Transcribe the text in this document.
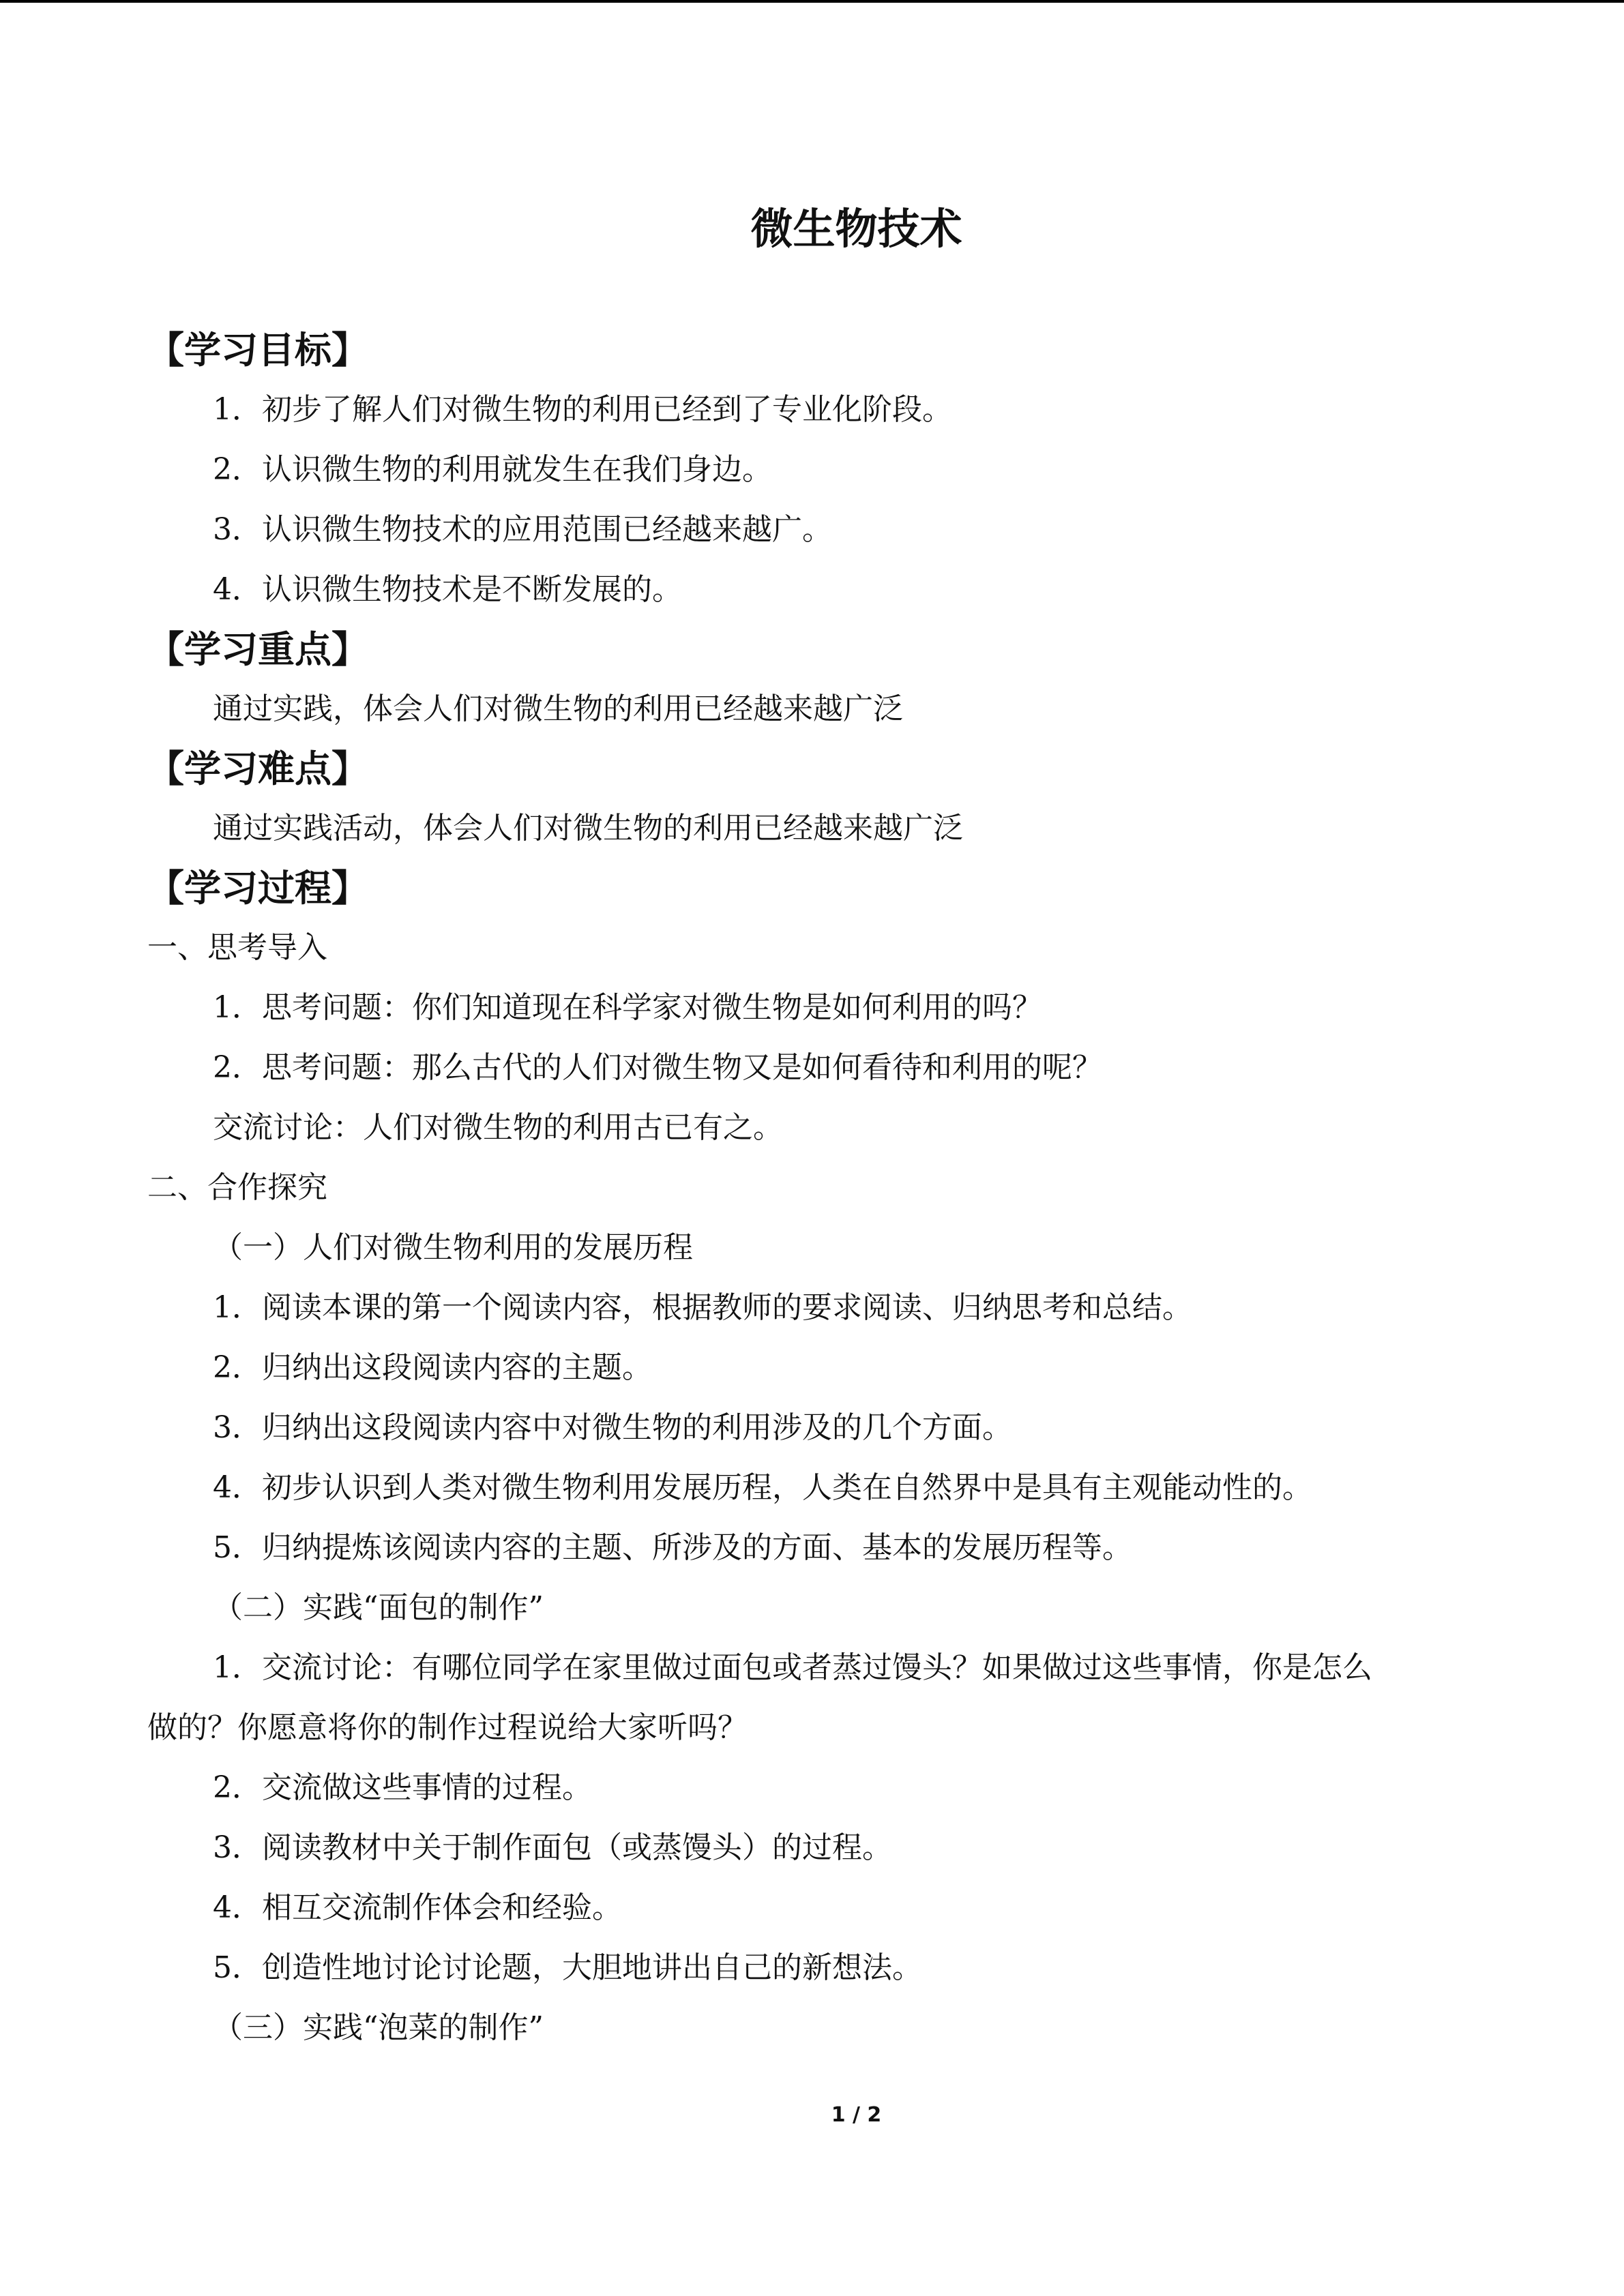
微生物技术
【学习目标】
1．初步了解人们对微生物的利用已经到了专业化阶段。
2．认识微生物的利用就发生在我们身边。
3．认识微生物技术的应用范围已经越来越广。
4．认识微生物技术是不断发展的。
【学习重点】
通过实践，体会人们对微生物的利用已经越来越广泛
【学习难点】
通过实践活动，体会人们对微生物的利用已经越来越广泛
【学习过程】
一、思考导入
1．思考问题：你们知道现在科学家对微生物是如何利用的吗？
2．思考问题：那么古代的人们对微生物又是如何看待和利用的呢？
交流讨论：人们对微生物的利用古已有之。
二、合作探究
（一）人们对微生物利用的发展历程
1．阅读本课的第一个阅读内容，根据教师的要求阅读、归纳思考和总结。
2．归纳出这段阅读内容的主题。
3．归纳出这段阅读内容中对微生物的利用涉及的几个方面。
4．初步认识到人类对微生物利用发展历程，人类在自然界中是具有主观能动性的。
5．归纳提炼该阅读内容的主题、所涉及的方面、基本的发展历程等。
（二）实践“面包的制作”
1．交流讨论：有哪位同学在家里做过面包或者蒸过馒头？如果做过这些事情，你是怎么
做的？你愿意将你的制作过程说给大家听吗？
2．交流做这些事情的过程。
3．阅读教材中关于制作面包（或蒸馒头）的过程。
4．相互交流制作体会和经验。
5．创造性地讨论讨论题，大胆地讲出自己的新想法。
（三）实践“泡菜的制作”
1 / 2
